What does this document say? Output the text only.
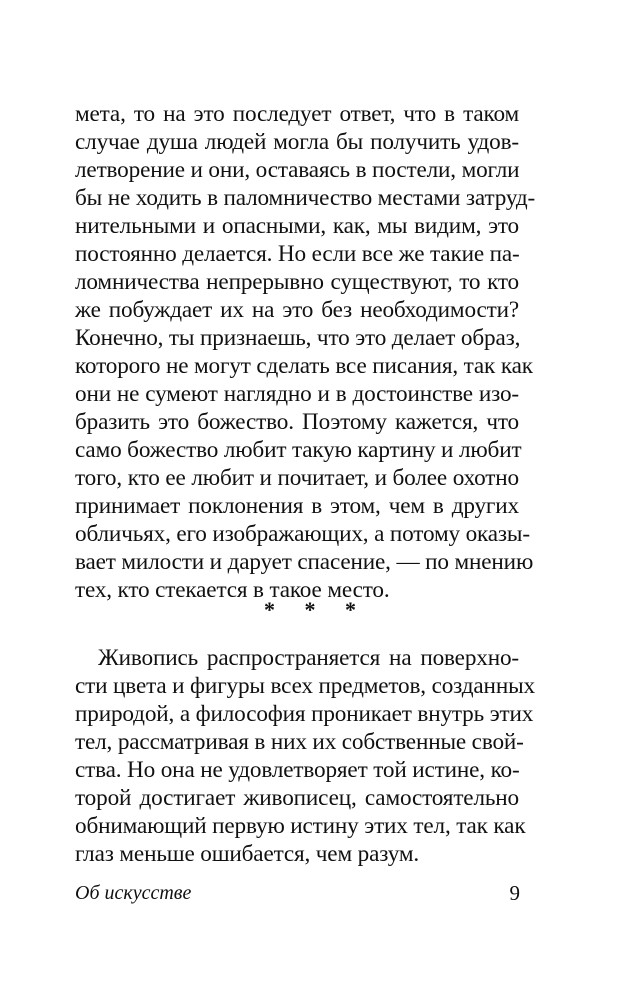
мета, то на это последует ответ, что в таком
случае душа людей могла бы получить удов-
летворение и они, оставаясь в постели, могли
бы не ходить в паломничество местами затруд-
нительными и опасными, как, мы видим, это
постоянно делается. Но если все же такие па-
ломничества непрерывно существуют, то кто
же побуждает их на это без необходимости?
Конечно, ты признаешь, что это делает образ,
которого не могут сделать все писания, так как
они не сумеют наглядно и в достоинстве изо-
бразить это божество. Поэтому кажется, что
само божество любит такую картину и любит
того, кто ее любит и почитает, и более охотно
принимает поклонения в этом, чем в других
обличьях, его изображающих, а потому оказы-
вает милости и дарует спасение, — по мнению
тех, кто стекается в такое место.
* * *
Живопись распространяется на поверхно-
сти цвета и фигуры всех предметов, созданных
природой, а философия проникает внутрь этих
тел, рассматривая в них их собственные свой-
ства. Но она не удовлетворяет той истине, ко-
торой достигает живописец, самостоятельно
обнимающий первую истину этих тел, так как
глаз меньше ошибается, чем разум.
Об искусстве	9
